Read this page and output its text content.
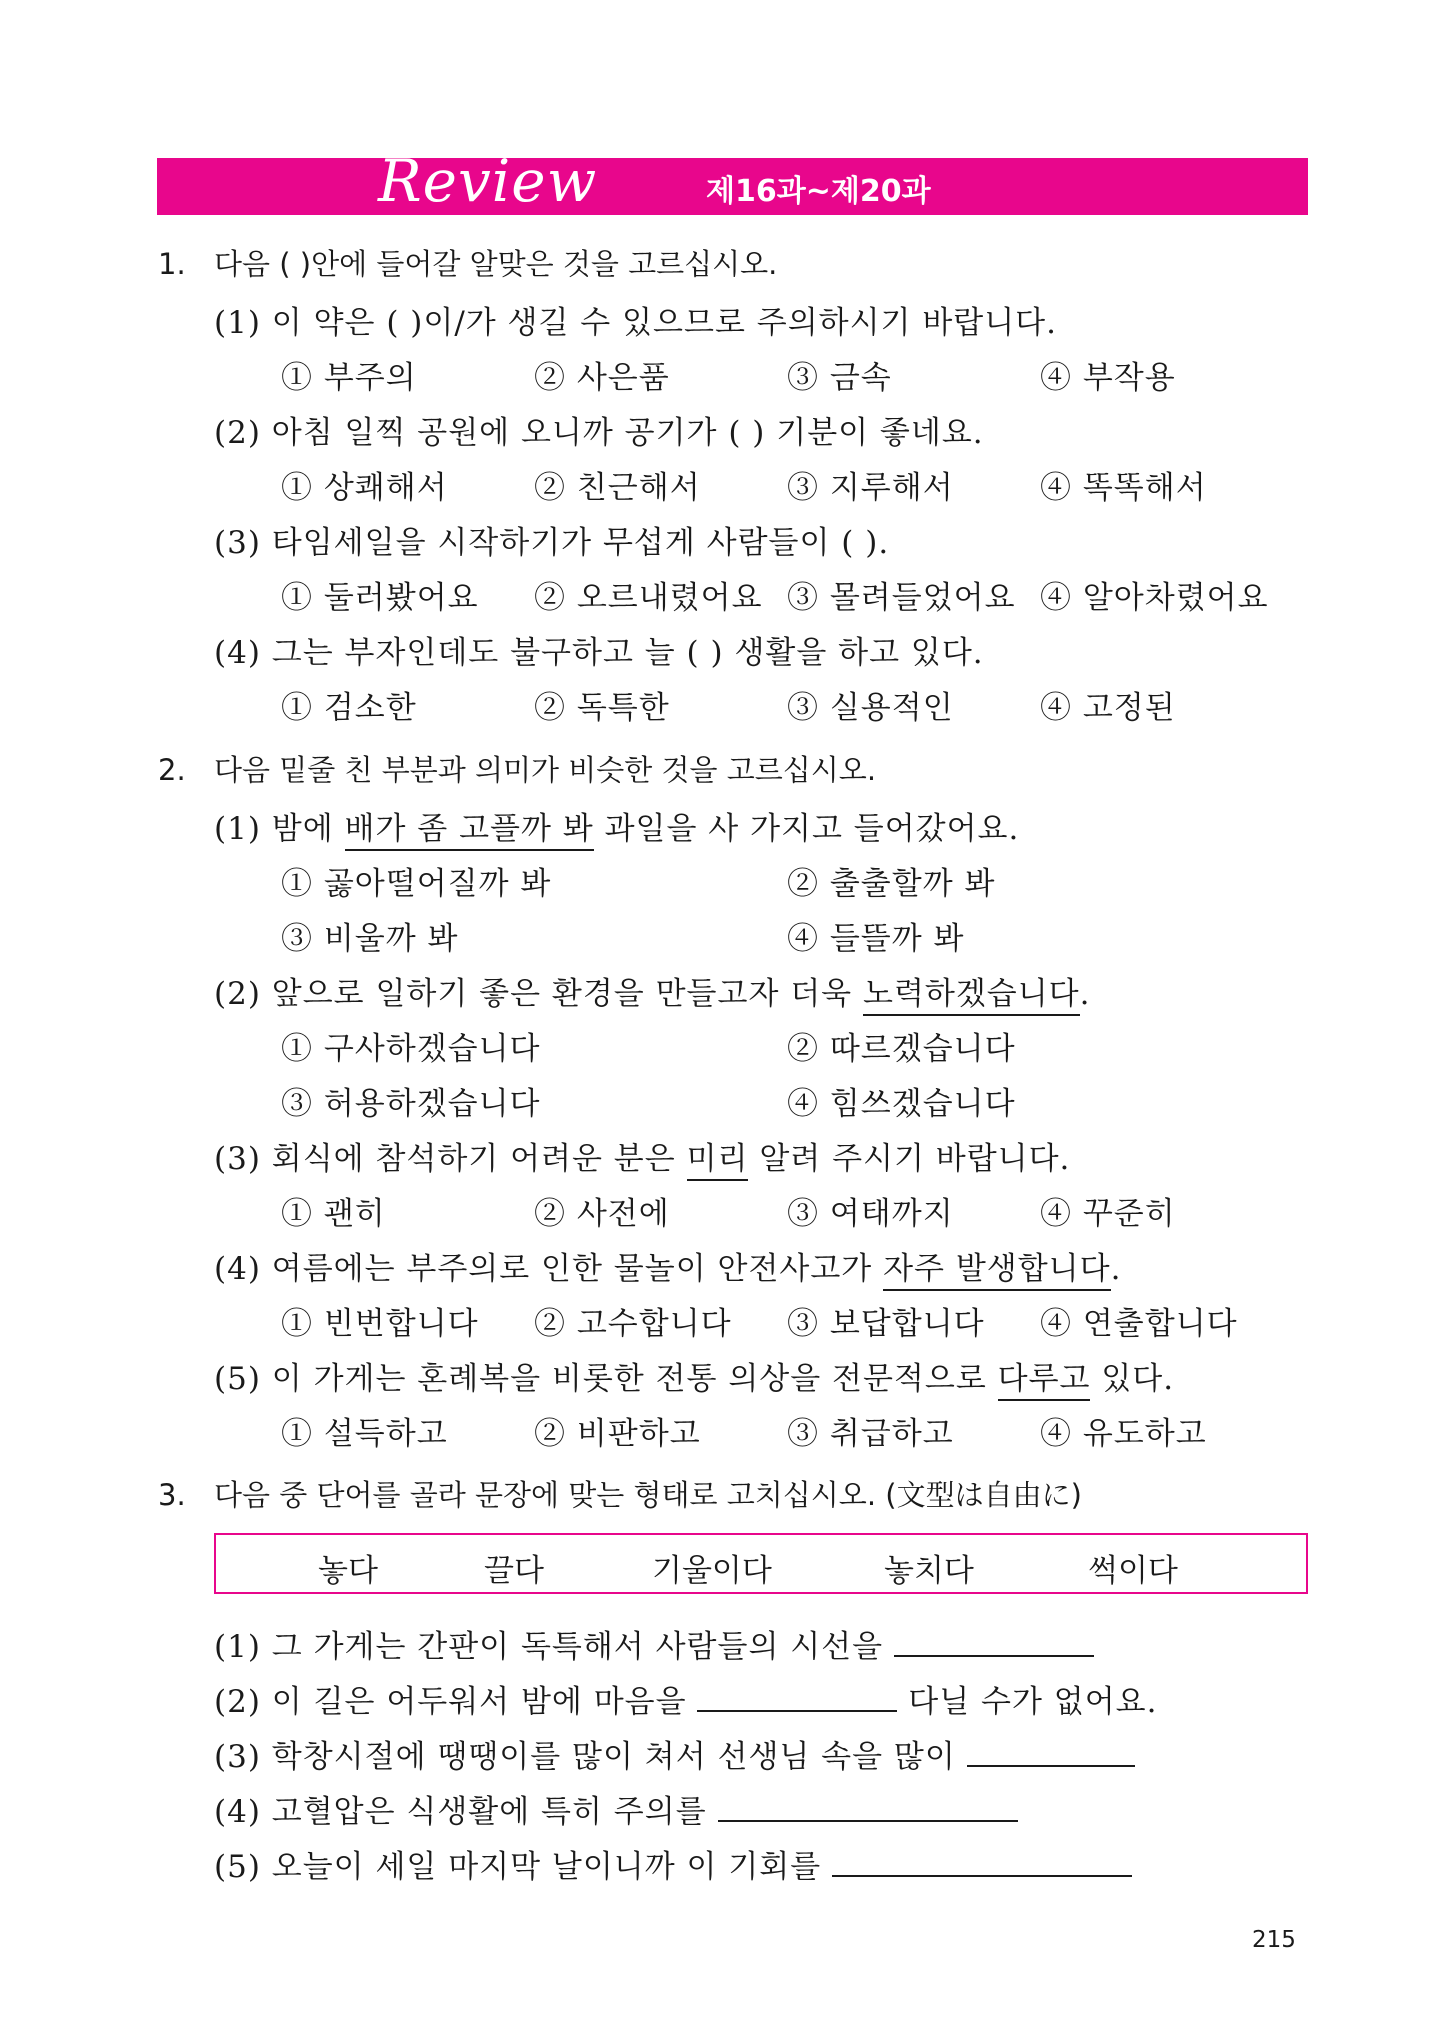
Review	제16과~제20과
1. 다음 ( )안에 들어갈 알맞은 것을 고르십시오.
(1) 이 약은 ( )이/가 생길 수 있으므로 주의하시기 바랍니다.
① 부주의	② 사은품	③ 금속	④ 부작용
(2) 아침 일찍 공원에 오니까 공기가 ( ) 기분이 좋네요.
① 상쾌해서	② 친근해서	③ 지루해서	④ 똑똑해서
(3) 타임세일을 시작하기가 무섭게 사람들이 ( ).
① 둘러봤어요 ② 오르내렸어요 ③ 몰려들었어요 ④ 알아차렸어요
(4) 그는 부자인데도 불구하고 늘 ( ) 생활을 하고 있다.
① 검소한	② 독특한	③ 실용적인	④ 고정된
2. 다음 밑줄 친 부분과 의미가 비슷한 것을 고르십시오.
(1) 밤에 배가 좀 고플까 봐 과일을 사 가지고 들어갔어요.
① 곯아떨어질까 봐	② 출출할까 봐
③ 비울까 봐	④ 들뜰까 봐
(2) 앞으로 일하기 좋은 환경을 만들고자 더욱 노력하겠습니다.
① 구사하겠습니다	② 따르겠습니다
③ 허용하겠습니다	④ 힘쓰겠습니다
(3) 회식에 참석하기 어려운 분은 미리 알려 주시기 바랍니다.
① 괜히	② 사전에	③ 여태까지	④ 꾸준히
(4) 여름에는 부주의로 인한 물놀이 안전사고가 자주 발생합니다.
① 빈번합니다 ② 고수합니다 ③ 보답합니다 ④ 연출합니다
(5) 이 가게는 혼례복을 비롯한 전통 의상을 전문적으로 다루고 있다.
① 설득하고	② 비판하고	③ 취급하고	④ 유도하고
3. 다음 중 단어를 골라 문장에 맞는 형태로 고치십시오. (文型は自由に)
놓다	끌다	기울이다	놓치다	썩이다
(1) 그 가게는 간판이 독특해서 사람들의 시선을
(2) 이 길은 어두워서 밤에 마음을	다닐 수가 없어요.
(3) 학창시절에 땡땡이를 많이 쳐서 선생님 속을 많이
(4) 고혈압은 식생활에 특히 주의를
(5) 오늘이 세일 마지막 날이니까 이 기회를
215
